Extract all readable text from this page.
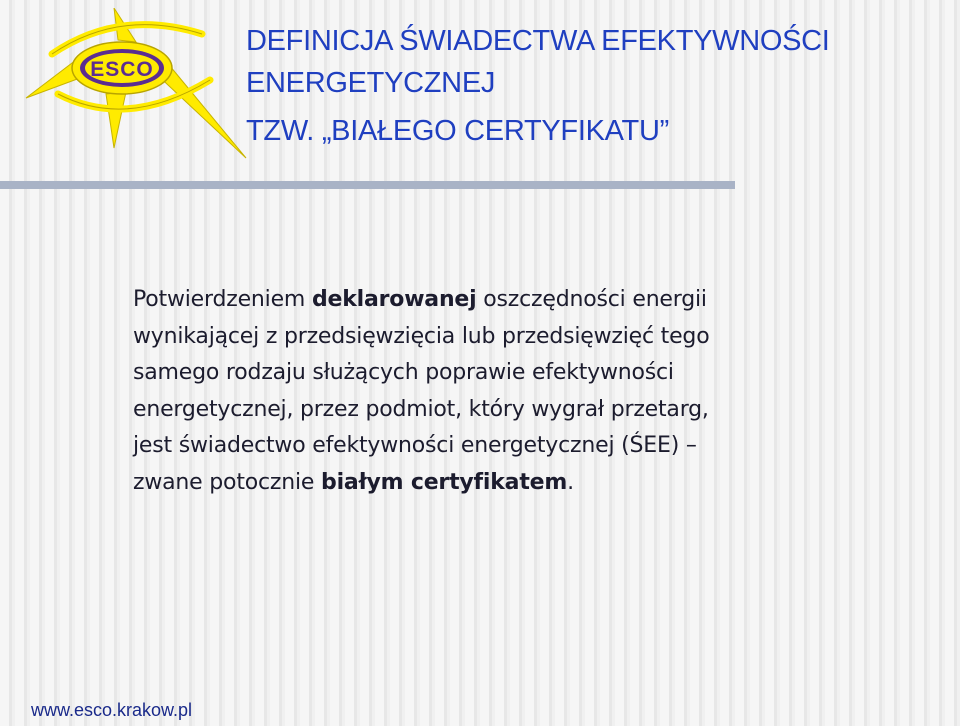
ESCO
DEFINICJA ŚWIADECTWA EFEKTYWNOŚCI
ENERGETYCZNEJ
TZW. „BIAŁEGO CERTYFIKATU”

Potwierdzeniem deklarowanej oszczędności energii
wynikającej z przedsięwzięcia lub przedsięwzięć tego
samego rodzaju służących poprawie efektywności
energetycznej, przez podmiot, który wygrał przetarg,
jest świadectwo efektywności energetycznej (ŚEE) –
zwane potocznie białym certyfikatem.

www.esco.krakow.pl
